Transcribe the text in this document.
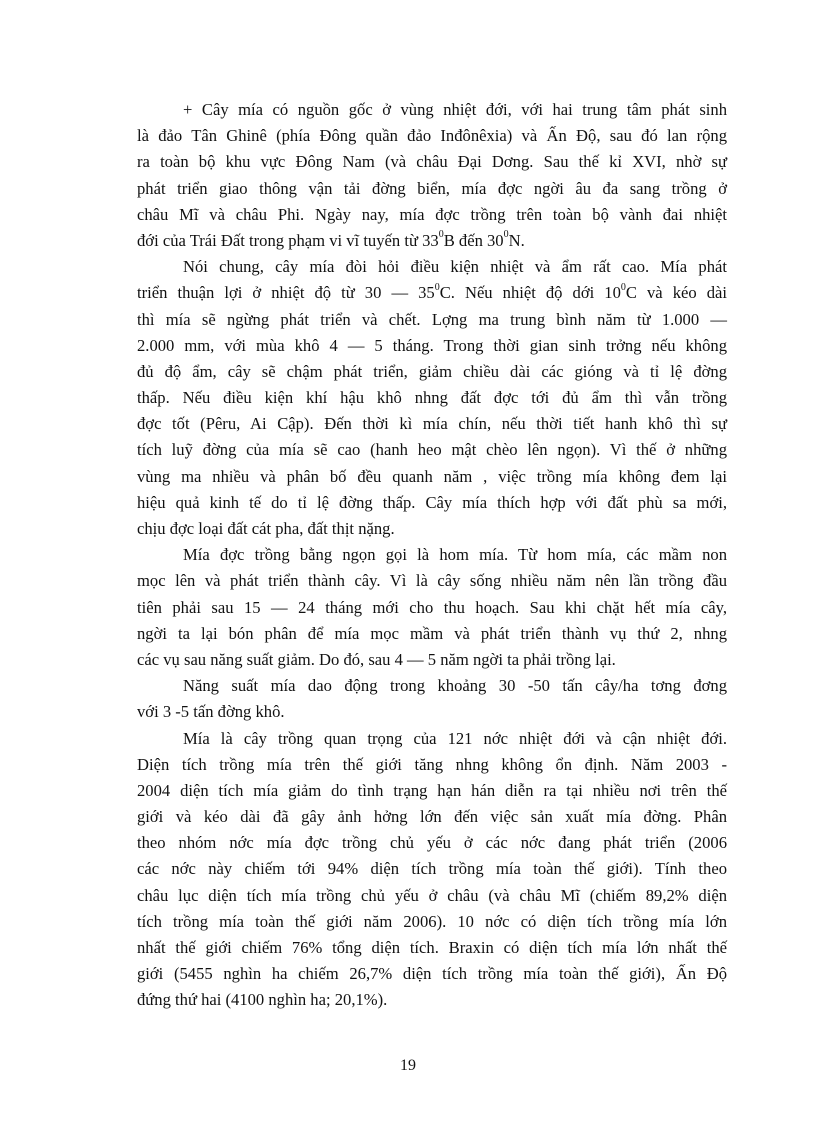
+ Cây mía có nguồn gốc ở vùng nhiệt đới, với hai trung tâm phát sinh
là đảo Tân Ghinê (phía Đông quần đảo Inđônêxia) và Ấn Độ, sau đó lan rộng
ra toàn bộ khu vực Đông Nam (và châu Đại Dơng. Sau thế kỉ XVI, nhờ sự
phát triển giao thông vận tải đờng biển, mía đợc ngời âu đa sang trồng ở
châu Mĩ và châu Phi. Ngày nay, mía đợc trồng trên toàn bộ vành đai nhiệt
đới của Trái Đất trong phạm vi vĩ tuyến từ $33^0B$ đến $30^0N$.

Nói chung, cây mía đòi hỏi điều kiện nhiệt và ẩm rất cao. Mía phát
triển thuận lợi ở nhiệt độ từ 30 — $35^0C$. Nếu nhiệt độ dới $10^0C$ và kéo dài
thì mía sẽ ngừng phát triển và chết. Lợng ma trung bình năm từ 1.000 —
2.000 mm, với mùa khô 4 — 5 tháng. Trong thời gian sinh trởng nếu không
đủ độ ẩm, cây sẽ chậm phát triển, giảm chiều dài các gióng và tỉ lệ đờng
thấp. Nếu điều kiện khí hậu khô nhng đất đợc tới đủ ẩm thì vẫn trồng
đợc tốt (Pêru, Ai Cập). Đến thời kì mía chín, nếu thời tiết hanh khô thì sự
tích luỹ đờng của mía sẽ cao (hanh heo mật chèo lên ngọn). Vì thế ở những
vùng ma nhiều và phân bố đều quanh năm , việc trồng mía không đem lại
hiệu quả kinh tế do tỉ lệ đờng thấp. Cây mía thích hợp với đất phù sa mới,
chịu đợc loại đất cát pha, đất thịt nặng.

Mía đợc trồng bằng ngọn gọi là hom mía. Từ hom mía, các mầm non
mọc lên và phát triển thành cây. Vì là cây sống nhiều năm nên lần trồng đầu
tiên phải sau 15 — 24 tháng mới cho thu hoạch. Sau khi chặt hết mía cây,
ngời ta lại bón phân để mía mọc mầm và phát triển thành vụ thứ 2, nhng
các vụ sau năng suất giảm. Do đó, sau 4 — 5 năm ngời ta phải trồng lại.

Năng suất mía dao động trong khoảng 30 -50 tấn cây/ha tơng đơng
với 3 -5 tấn đờng khô.

Mía là cây trồng quan trọng của 121 nớc nhiệt đới và cận nhiệt đới.
Diện tích trồng mía trên thế giới tăng nhng không ổn định. Năm 2003 -
2004 diện tích mía giảm do tình trạng hạn hán diễn ra tại nhiều nơi trên thế
giới và kéo dài đã gây ảnh hởng lớn đến việc sản xuất mía đờng. Phân
theo nhóm nớc mía đợc trồng chủ yếu ở các nớc đang phát triển (2006
các nớc này chiếm tới 94% diện tích trồng mía toàn thế giới). Tính theo
châu lục diện tích mía trồng chủ yếu ở châu (và châu Mĩ (chiếm 89,2% diện
tích trồng mía toàn thế giới năm 2006). 10 nớc có diện tích trồng mía lớn
nhất thế giới chiếm 76% tổng diện tích. Braxin có diện tích mía lớn nhất thế
giới (5455 nghìn ha chiếm 26,7% diện tích trồng mía toàn thế giới), Ấn Độ
đứng thứ hai (4100 nghìn ha; 20,1%).

19
